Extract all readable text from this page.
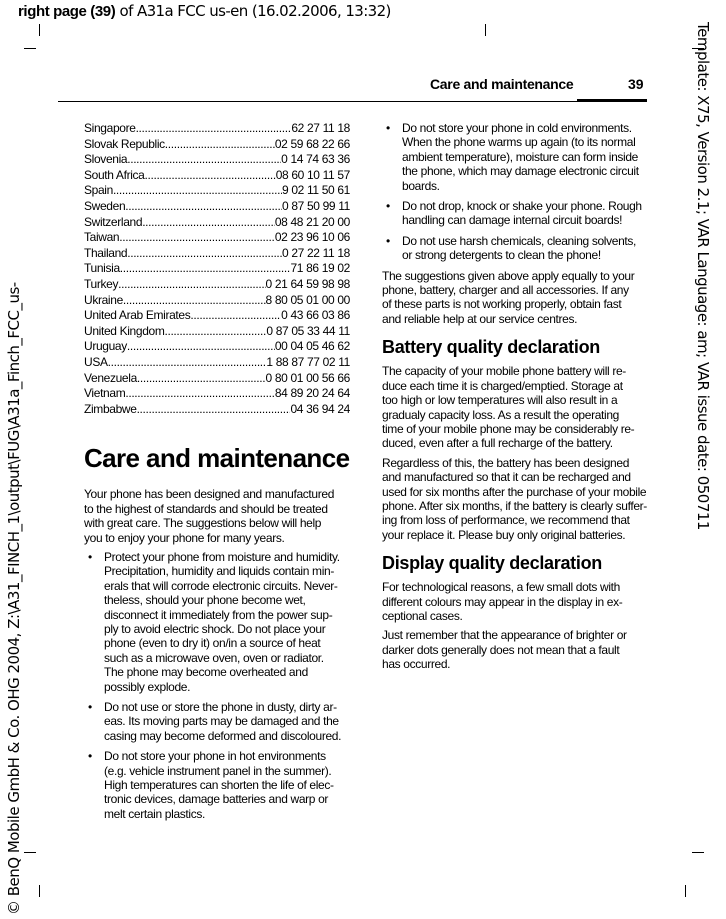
right page (39) of A31a FCC us-en (16.02.2006, 13:32)
Care and maintenance	39	Template: X75, Version 2.1; VAR Language: am; VAR issue date: 050711
© BenQ Mobile GmbH & Co. OHG 2004, Z:\A31_FINCH_1\output\FUG\A31a_Finch_FCC_us-
Singapore .....	62 27 11 18
Slovak Republic .....	02 59 68 22 66
Slovenia .....	0 14 74 63 36
South Africa .....	08 60 10 11 57
Spain .....	9 02 11 50 61
Sweden .....	0 87 50 99 11
Switzerland .....	08 48 21 20 00
Taiwan .....	02 23 96 10 06
Thailand .....	0 27 22 11 18
Tunisia .....	71 86 19 02
Turkey .....	0 21 64 59 98 98
Ukraine .....	8 80 05 01 00 00
United Arab Emirates .....	0 43 66 03 86
United Kingdom .....	0 87 05 33 44 11
Uruguay .....	00 04 05 46 62
USA .....	1 88 87 77 02 11
Venezuela .....	0 80 01 00 56 66
Vietnam .....	84 89 20 24 64
Zimbabwe .....	04 36 94 24
Care and maintenance
Your phone has been designed and manufactured
to the highest of standards and should be treated
with great care. The suggestions below will help
you to enjoy your phone for many years.
•	Protect your phone from moisture and humidity.
Precipitation, humidity and liquids contain min-
erals that will corrode electronic circuits. Never-
theless, should your phone become wet,
disconnect it immediately from the power sup-
ply to avoid electric shock. Do not place your
phone (even to dry it) on/in a source of heat
such as a microwave oven, oven or radiator.
The phone may become overheated and
possibly explode.
•	Do not use or store the phone in dusty, dirty ar-
eas. Its moving parts may be damaged and the
casing may become deformed and discoloured.
•	Do not store your phone in hot environments
(e.g. vehicle instrument panel in the summer).
High temperatures can shorten the life of elec-
tronic devices, damage batteries and warp or
melt certain plastics.
•	Do not store your phone in cold environments.
When the phone warms up again (to its normal
ambient temperature), moisture can form inside
the phone, which may damage electronic circuit
boards.
•	Do not drop, knock or shake your phone. Rough
handling can damage internal circuit boards!
•	Do not use harsh chemicals, cleaning solvents,
or strong detergents to clean the phone!
The suggestions given above apply equally to your
phone, battery, charger and all accessories. If any
of these parts is not working properly, obtain fast
and reliable help at our service centres.
Battery quality declaration
The capacity of your mobile phone battery will re-
duce each time it is charged/emptied. Storage at
too high or low temperatures will also result in a
gradualy capacity loss. As a result the operating
time of your mobile phone may be considerably re-
duced, even after a full recharge of the battery.
Regardless of this, the battery has been designed
and manufactured so that it can be recharged and
used for six months after the purchase of your mobile
phone. After six months, if the battery is clearly suffer-
ing from loss of performance, we recommend that
your replace it. Please buy only original batteries.
Display quality declaration
For technological reasons, a few small dots with
different colours may appear in the display in ex-
ceptional cases.
Just remember that the appearance of brighter or
darker dots generally does not mean that a fault
has occurred.
